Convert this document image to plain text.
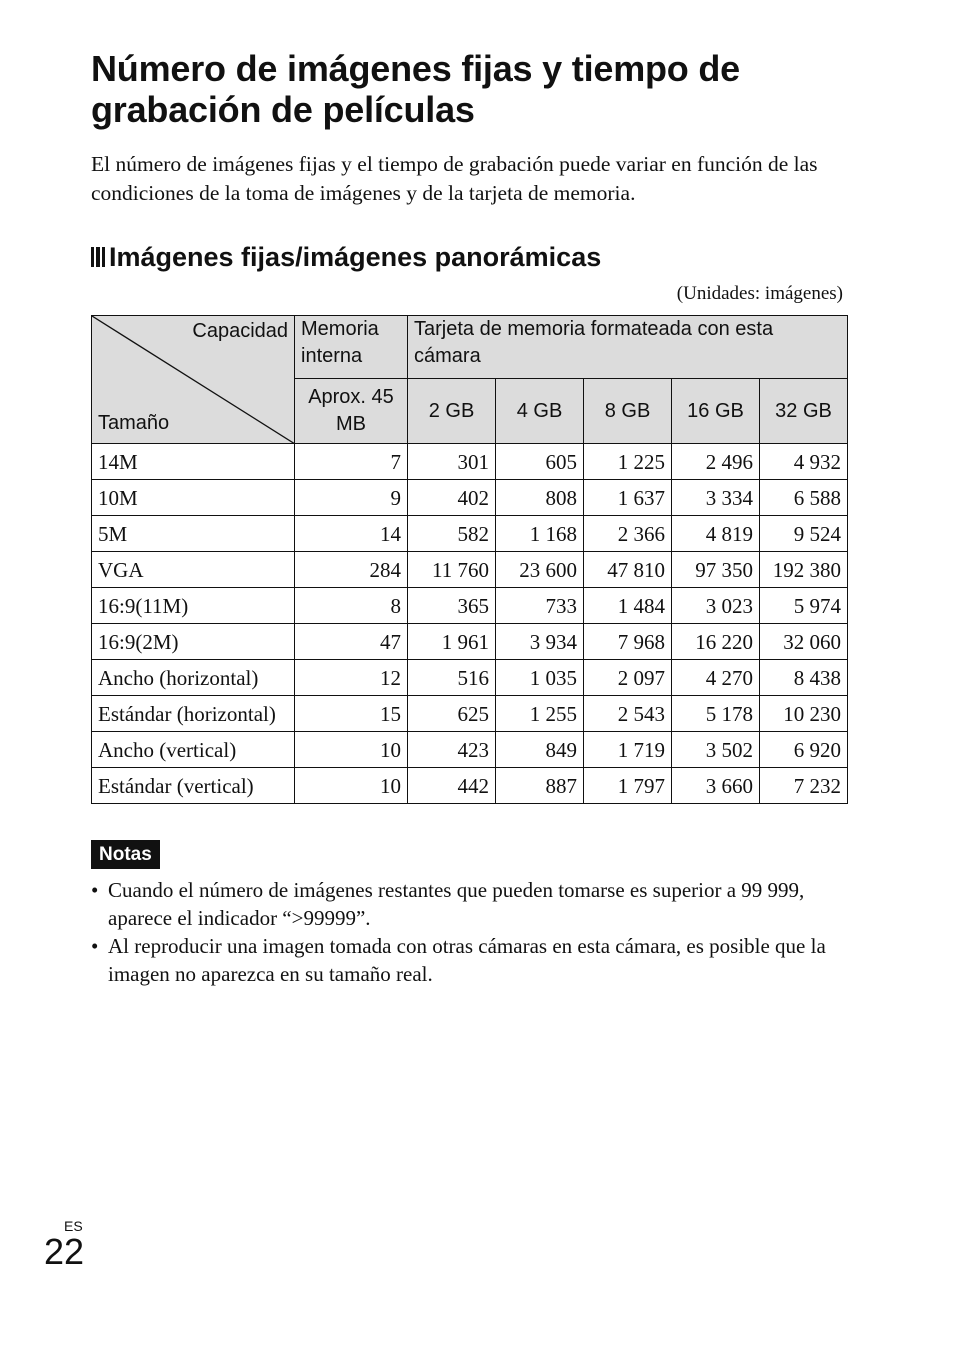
Número de imágenes fijas y tiempo de grabación de películas

El número de imágenes fijas y el tiempo de grabación puede variar en función de las condiciones de la toma de imágenes y de la tarjeta de memoria.

Imágenes fijas/imágenes panorámicas
(Unidades: imágenes)
Capacidad
Tamaño	Memoria interna	Tarjeta de memoria formateada con esta cámara				
	Aprox. 45 MB	2 GB	4 GB	8 GB	16 GB	32 GB
14M	7	301	605	1 225	2 496	4 932
10M	9	402	808	1 637	3 334	6 588
5M	14	582	1 168	2 366	4 819	9 524
VGA	284	11 760	23 600	47 810	97 350	192 380
16:9(11M)	8	365	733	1 484	3 023	5 974
16:9(2M)	47	1 961	3 934	7 968	16 220	32 060
Ancho (horizontal)	12	516	1 035	2 097	4 270	8 438
Estándar (horizontal)	15	625	1 255	2 543	5 178	10 230
Ancho (vertical)	10	423	849	1 719	3 502	6 920
Estándar (vertical)	10	442	887	1 797	3 660	7 232
Notas
• Cuando el número de imágenes restantes que pueden tomarse es superior a 99 999, aparece el indicador “>99999”.
• Al reproducir una imagen tomada con otras cámaras en esta cámara, es posible que la imagen no aparezca en su tamaño real.
ES
22
